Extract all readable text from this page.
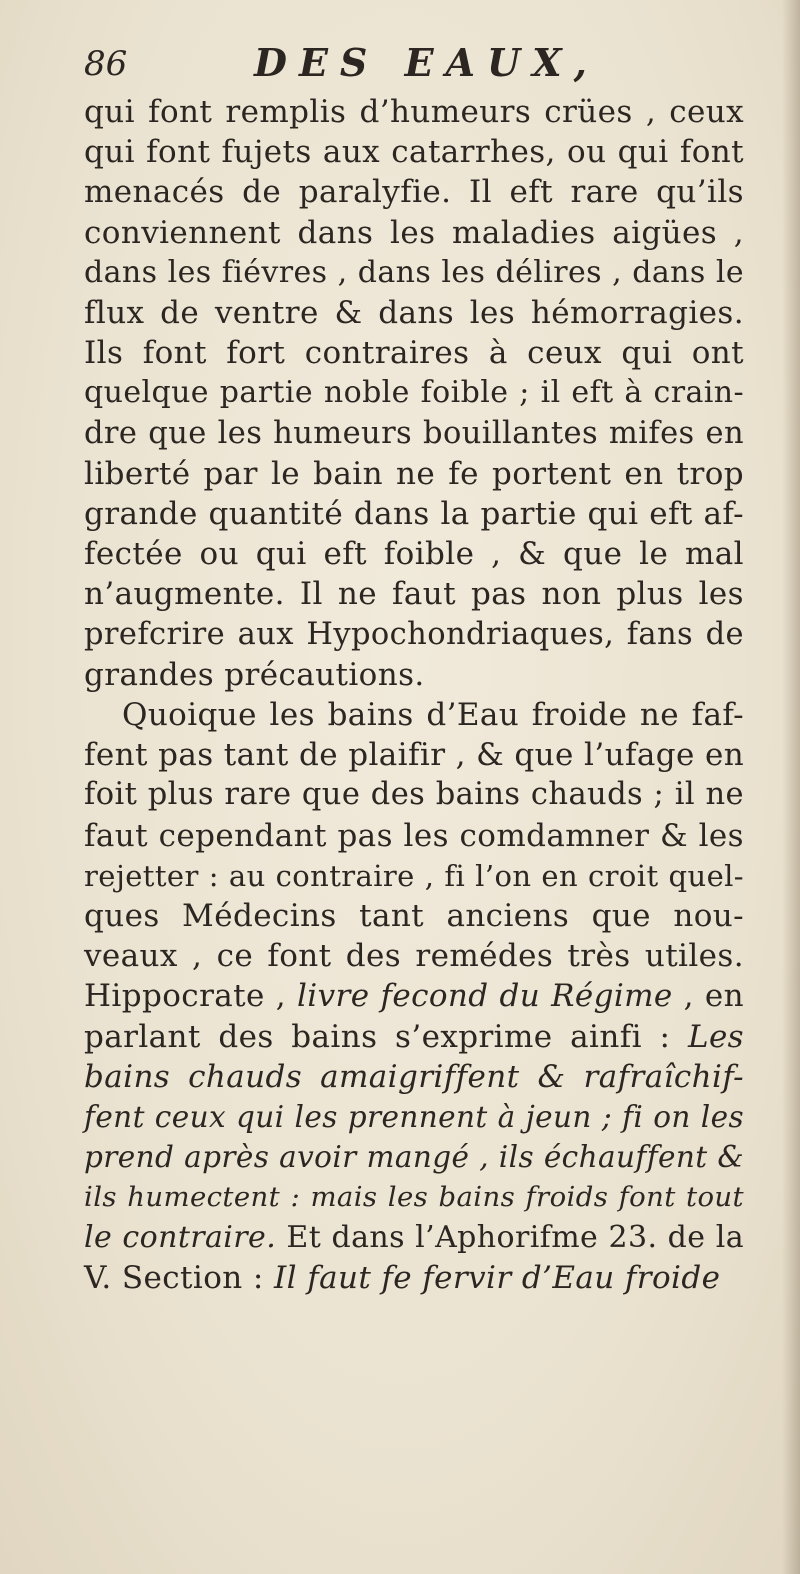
86	DES EAUX,
qui font remplis d’humeurs crües , ceux
qui font fujets aux catarrhes, ou qui font
menacés de paralyfie. Il eft rare qu’ils
conviennent dans les maladies aigües ,
dans les fiévres , dans les délires , dans le
flux de ventre & dans les hémorragies.
Ils font fort contraires à ceux qui ont
quelque partie noble foible ; il eft à crain-
dre que les humeurs bouillantes mifes en
liberté par le bain ne fe portent en trop
grande quantité dans la partie qui eft af-
fectée ou qui eft foible , & que le mal
n’augmente. Il ne faut pas non plus les
prefcrire aux Hypochondriaques, fans de
grandes précautions.
Quoique les bains d’Eau froide ne faf-
fent pas tant de plaifir , & que l’ufage en
foit plus rare que des bains chauds ; il ne
faut cependant pas les comdamner & les
rejetter : au contraire , fi l’on en croit quel-
ques Médecins tant anciens que nou-
veaux , ce font des remédes très utiles.
Hippocrate , livre fecond du Régime , en
parlant des bains s’exprime ainfi : Les
bains chauds amaigriffent & rafraîchif-
fent ceux qui les prennent à jeun ; fi on les
prend après avoir mangé , ils échauffent &
ils humectent : mais les bains froids font tout
le contraire. Et dans l’Aphorifme 23. de la
V. Section : Il faut fe fervir d’Eau froide
